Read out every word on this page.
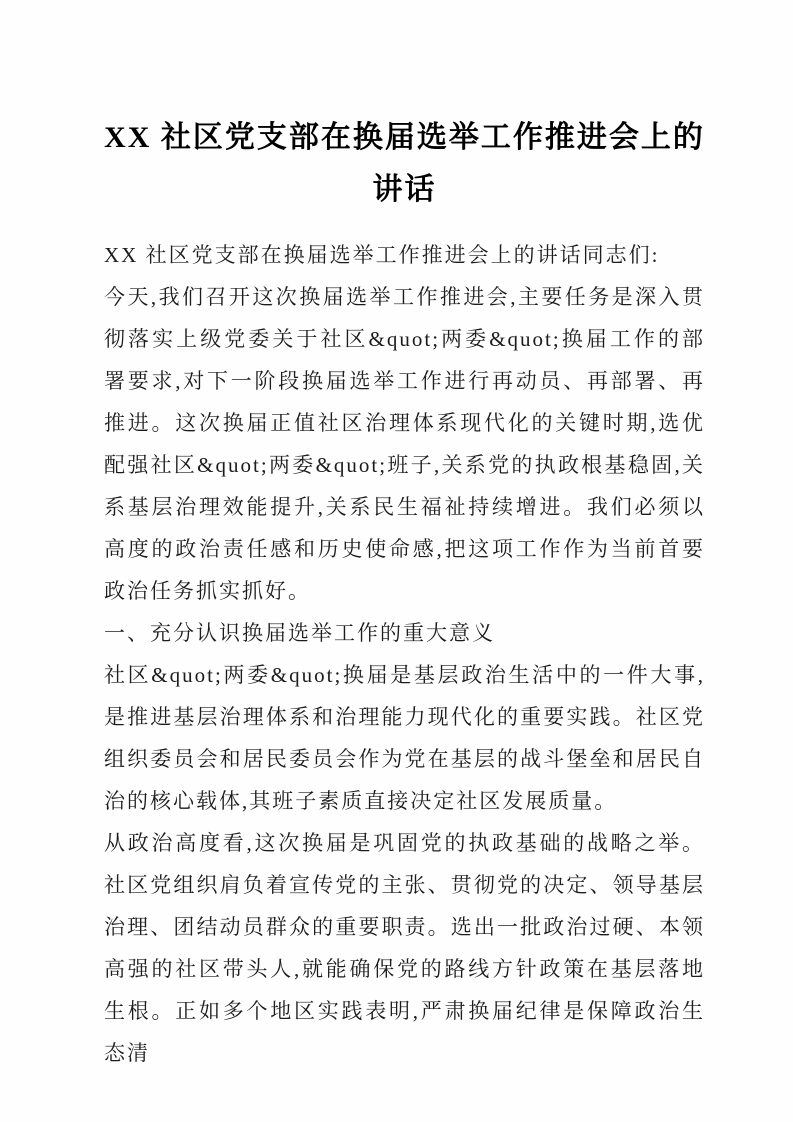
XX 社区党支部在换届选举工作推进会上的讲话

XX 社区党支部在换届选举工作推进会上的讲话同志们:

今天,我们召开这次换届选举工作推进会,主要任务是深入贯彻落实上级党委关于社区&quot;两委&quot;换届工作的部署要求,对下一阶段换届选举工作进行再动员、再部署、再推进。这次换届正值社区治理体系现代化的关键时期,选优配强社区&quot;两委&quot;班子,关系党的执政根基稳固,关系基层治理效能提升,关系民生福祉持续增进。我们必须以高度的政治责任感和历史使命感,把这项工作作为当前首要政治任务抓实抓好。

一、充分认识换届选举工作的重大意义

社区&quot;两委&quot;换届是基层政治生活中的一件大事,是推进基层治理体系和治理能力现代化的重要实践。社区党组织委员会和居民委员会作为党在基层的战斗堡垒和居民自治的核心载体,其班子素质直接决定社区发展质量。

从政治高度看,这次换届是巩固党的执政基础的战略之举。社区党组织肩负着宣传党的主张、贯彻党的决定、领导基层治理、团结动员群众的重要职责。选出一批政治过硬、本领高强的社区带头人,就能确保党的路线方针政策在基层落地生根。正如多个地区实践表明,严肃换届纪律是保障政治生态清
